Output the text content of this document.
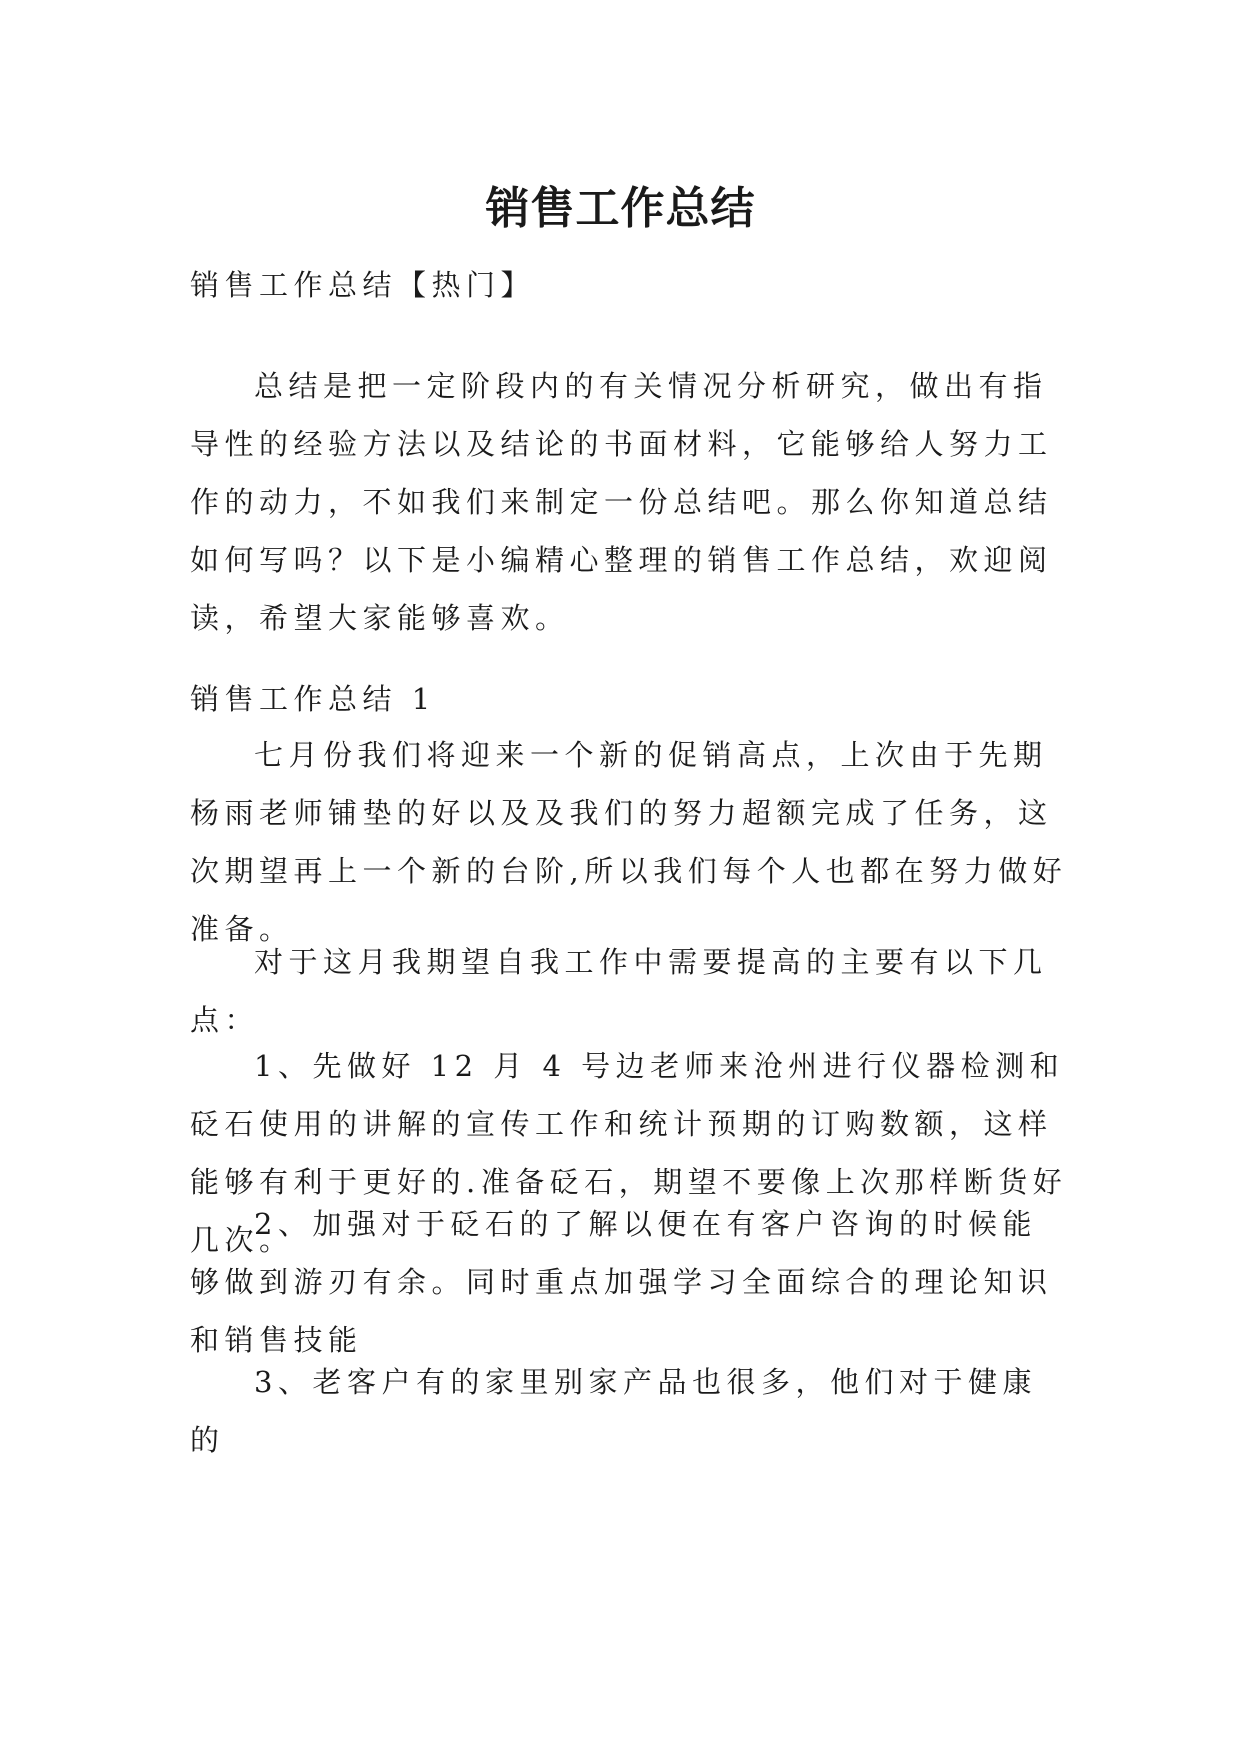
销售工作总结

销售工作总结【热门】

总结是把一定阶段内的有关情况分析研究，做出有指导性的经验方法以及结论的书面材料，它能够给人努力工作的动力，不如我们来制定一份总结吧。那么你知道总结如何写吗？以下是小编精心整理的销售工作总结，欢迎阅读，希望大家能够喜欢。

销售工作总结 1

七月份我们将迎来一个新的促销高点，上次由于先期杨雨老师铺垫的好以及及我们的努力超额完成了任务，这次期望再上一个新的台阶,所以我们每个人也都在努力做好准备。

对于这月我期望自我工作中需要提高的主要有以下几点：

1、先做好 12 月 4 号边老师来沧州进行仪器检测和砭石使用的讲解的宣传工作和统计预期的订购数额，这样能够有利于更好的.准备砭石，期望不要像上次那样断货好几次。

2、加强对于砭石的了解以便在有客户咨询的时候能够做到游刃有余。同时重点加强学习全面综合的理论知识和销售技能

3、老客户有的家里别家产品也很多，他们对于健康的
